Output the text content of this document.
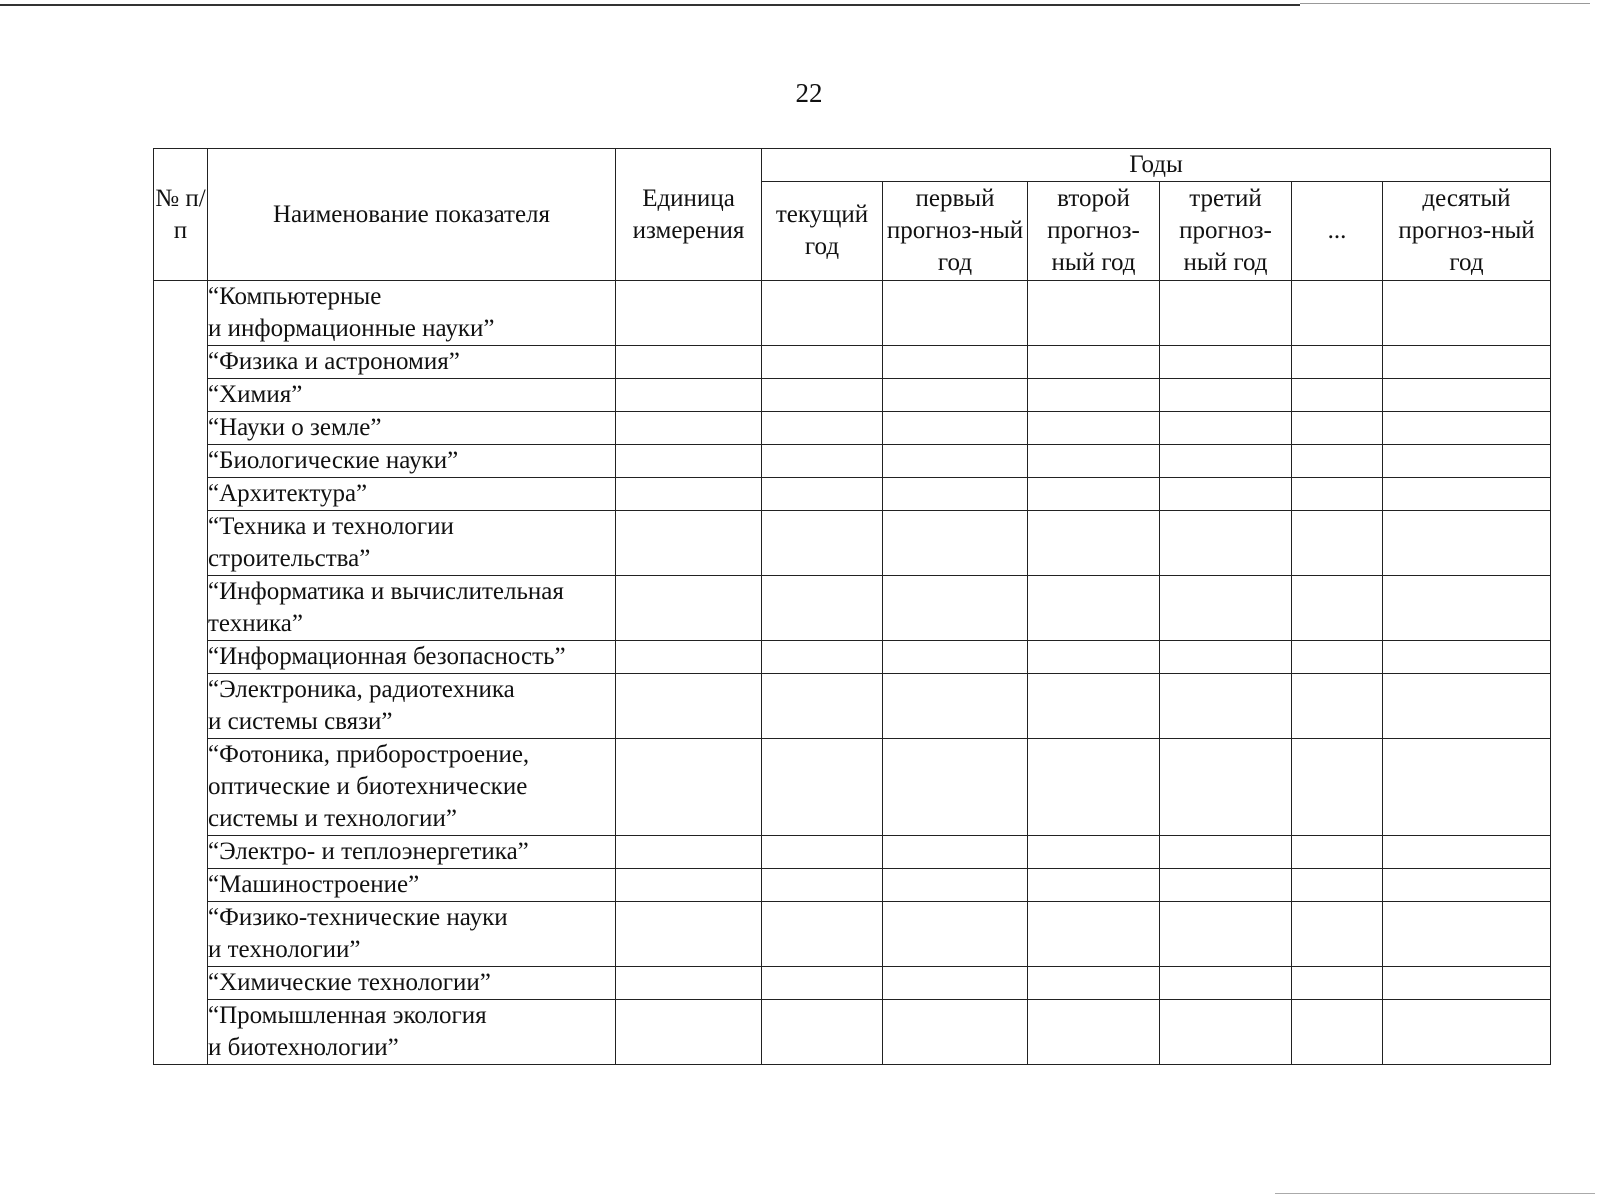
22
№ п/п	Наименование показателя	Единица измерения	Годы					
			текущий год	первый прогноз-ный год	второй прогноз-ный год	третий прогноз-ный год	...	десятый прогноз-ный год

	“Компьютерные
и информационные науки”							

	“Физика и астрономия”							

	“Химия”							

	“Науки о земле”							

	“Биологические науки”							

	“Архитектура”							

	“Техника и технологии
строительства”							

	“Информатика и вычислительная
техника”							

	“Информационная безопасность”							

	“Электроника, радиотехника
и системы связи”							

	“Фотоника, приборостроение,
оптические и биотехнические
системы и технологии”							

	“Электро- и теплоэнергетика”							

	“Машиностроение”							

	“Физико-технические науки
и технологии”							

	“Химические технологии”							

	“Промышленная экология
и биотехнологии”							
